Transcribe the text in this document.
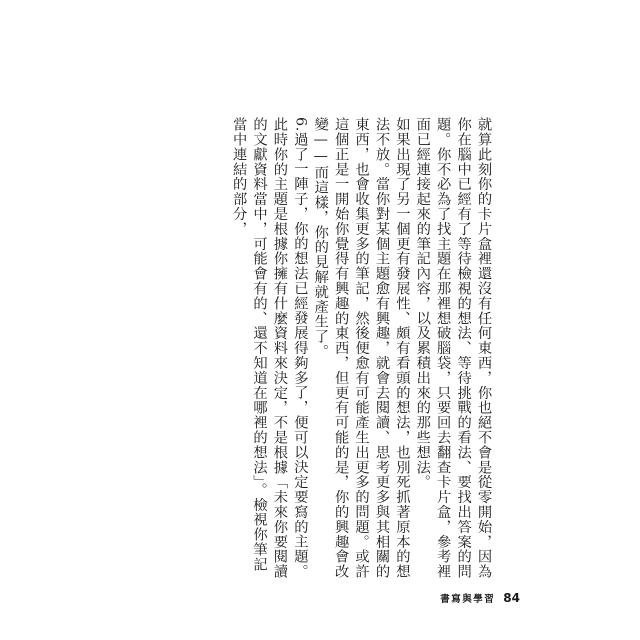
就算此刻你的卡片盒裡還沒有任何東西，你也絕不會是從零開始，因為你在腦中已經有了等待檢視的想法、等待挑戰的看法、要找出答案的問題。你不必為了找主題在那裡想破腦袋，只要回去翻查卡片盒，參考裡面已經連接起來的筆記內容，以及累積出來的那些想法。

如果出現了另一個更有發展性、頗有看頭的想法，也別死抓著原本的想法不放。當你對某個主題愈有興趣，就會去閱讀、思考更多與其相關的東西，也會收集更多的筆記，然後便愈有可能產生出更多的問題。或許這個正是一開始你覺得有興趣的東西，但更有可能的是，你的興趣會改變——而這樣，你的見解就產生了。

6.過了一陣子，你的想法已經發展得夠多了，便可以決定要寫的主題。此時你的主題是根據你擁有什麼資料來決定，不是根據「未來你要閱讀的文獻資料當中，可能會有的、還不知道在哪裡的想法」。檢視你筆記當中連結的部分，

書寫與學習 84
